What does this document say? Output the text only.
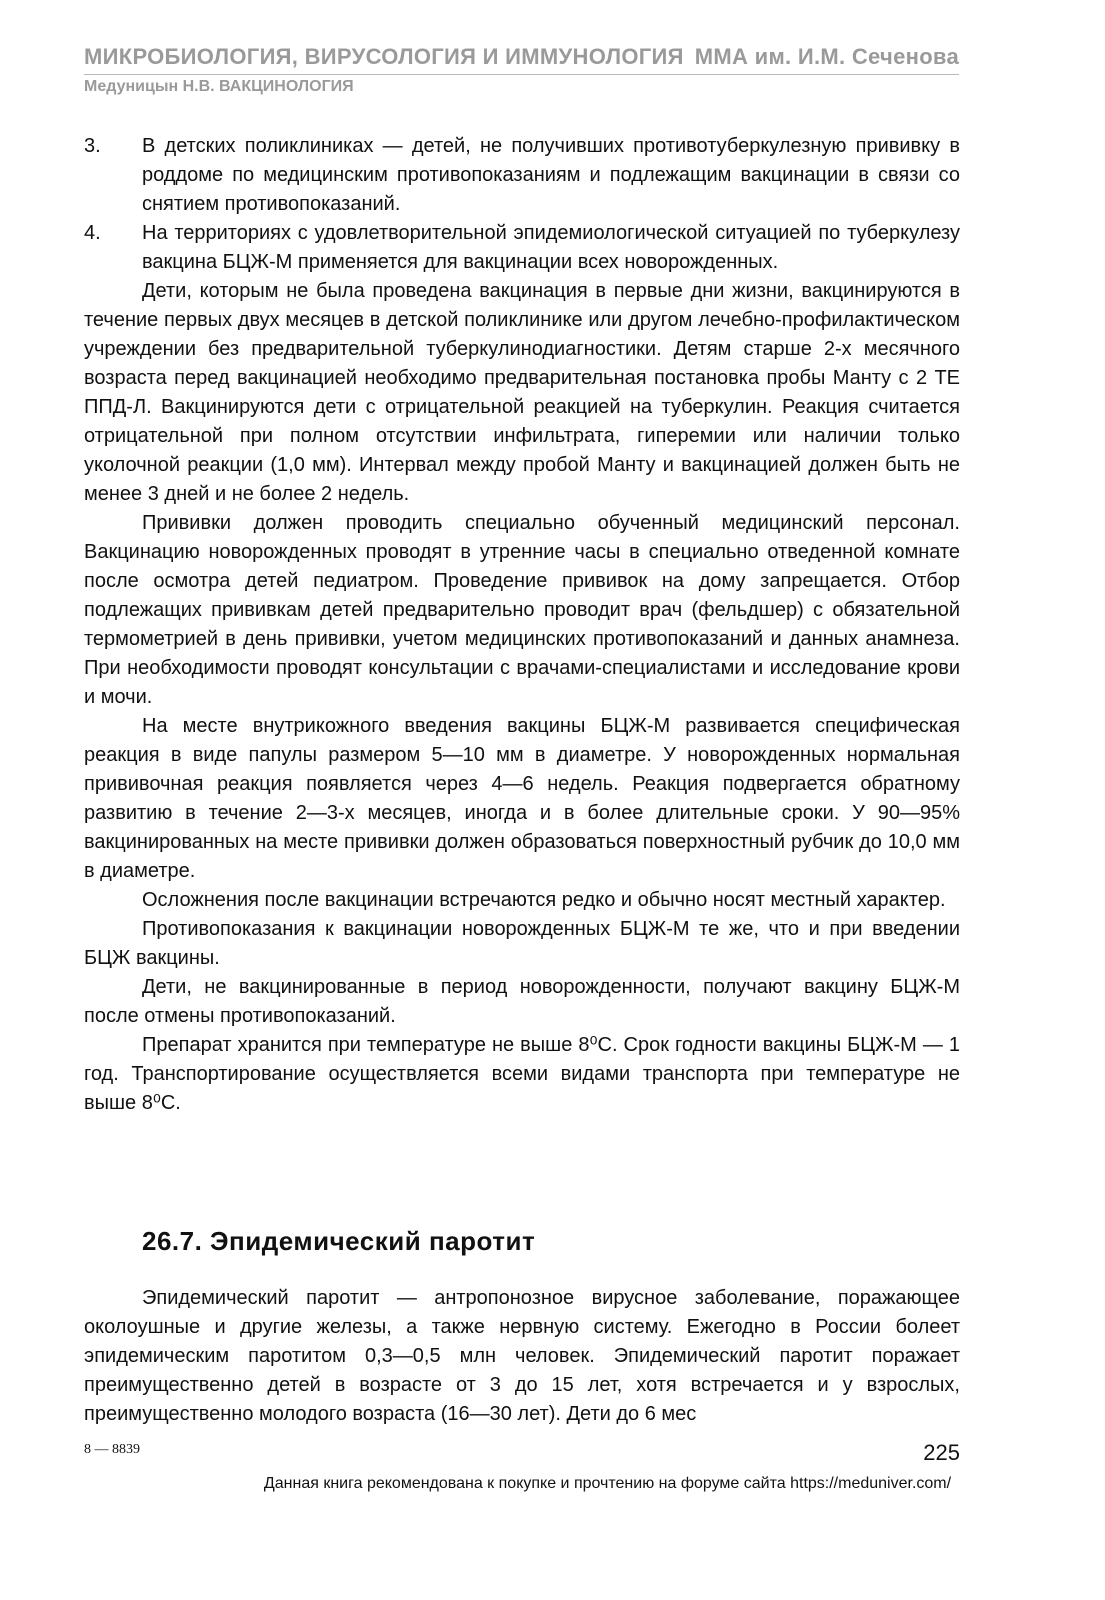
МИКРОБИОЛОГИЯ, ВИРУСОЛОГИЯ И ИММУНОЛОГИЯ ММА им. И.М. Сеченова
Медуницын Н.В. ВАКЦИНОЛОГИЯ
3. В детских поликлиниках — детей, не получивших противотуберкулезную прививку в роддоме по медицинским противопоказаниям и подлежащим вакцинации в связи со снятием противопоказаний.

4. На территориях с удовлетворительной эпидемиологической ситуацией по туберкулезу вакцина БЦЖ-М применяется для вакцинации всех новорожденных.

Дети, которым не была проведена вакцинация в первые дни жизни, вакцинируются в течение первых двух месяцев в детской поликлинике или другом лечебно-профилактическом учреждении без предварительной туберкулинодиагностики. Детям старше 2-х месячного возраста перед вакцинацией необходимо предварительная постановка пробы Манту с 2 ТЕ ППД-Л. Вакцинируются дети с отрицательной реакцией на туберкулин. Реакция считается отрицательной при полном отсутствии инфильтрата, гиперемии или наличии только уколочной реакции (1,0 мм). Интервал между пробой Манту и вакцинацией должен быть не менее 3 дней и не более 2 недель.

Прививки должен проводить специально обученный медицинский персонал. Вакцинацию новорожденных проводят в утренние часы в специально отведенной комнате после осмотра детей педиатром. Проведение прививок на дому запрещается. Отбор подлежащих прививкам детей предварительно проводит врач (фельдшер) с обязательной термометрией в день прививки, учетом медицинских противопоказаний и данных анамнеза. При необходимости проводят консультации с врачами-специалистами и исследование крови и мочи.

На месте внутрикожного введения вакцины БЦЖ-М развивается специфическая реакция в виде папулы размером 5—10 мм в диаметре. У новорожденных нормальная прививочная реакция появляется через 4—6 недель. Реакция подвергается обратному развитию в течение 2—3-х месяцев, иногда и в более длительные сроки. У 90—95% вакцинированных на месте прививки должен образоваться поверхностный рубчик до 10,0 мм в диаметре.

Осложнения после вакцинации встречаются редко и обычно носят местный характер.

Противопоказания к вакцинации новорожденных БЦЖ-М те же, что и при введении БЦЖ вакцины.

Дети, не вакцинированные в период новорожденности, получают вакцину БЦЖ-М после отмены противопоказаний.

Препарат хранится при температуре не выше 8⁰С. Срок годности вакцины БЦЖ-М — 1 год. Транспортирование осуществляется всеми видами транспорта при температуре не выше 8⁰С.

26.7. Эпидемический паротит

Эпидемический паротит — антропонозное вирусное заболевание, поражающее околоушные и другие железы, а также нервную систему. Ежегодно в России болеет эпидемическим паротитом 0,3—0,5 млн человек. Эпидемический паротит поражает преимущественно детей в возрасте от 3 до 15 лет, хотя встречается и у взрослых, преимущественно молодого возраста (16—30 лет). Дети до 6 мес

8 — 8839	225
Данная книга рекомендована к покупке и прочтению на форуме сайта https://meduniver.com/
